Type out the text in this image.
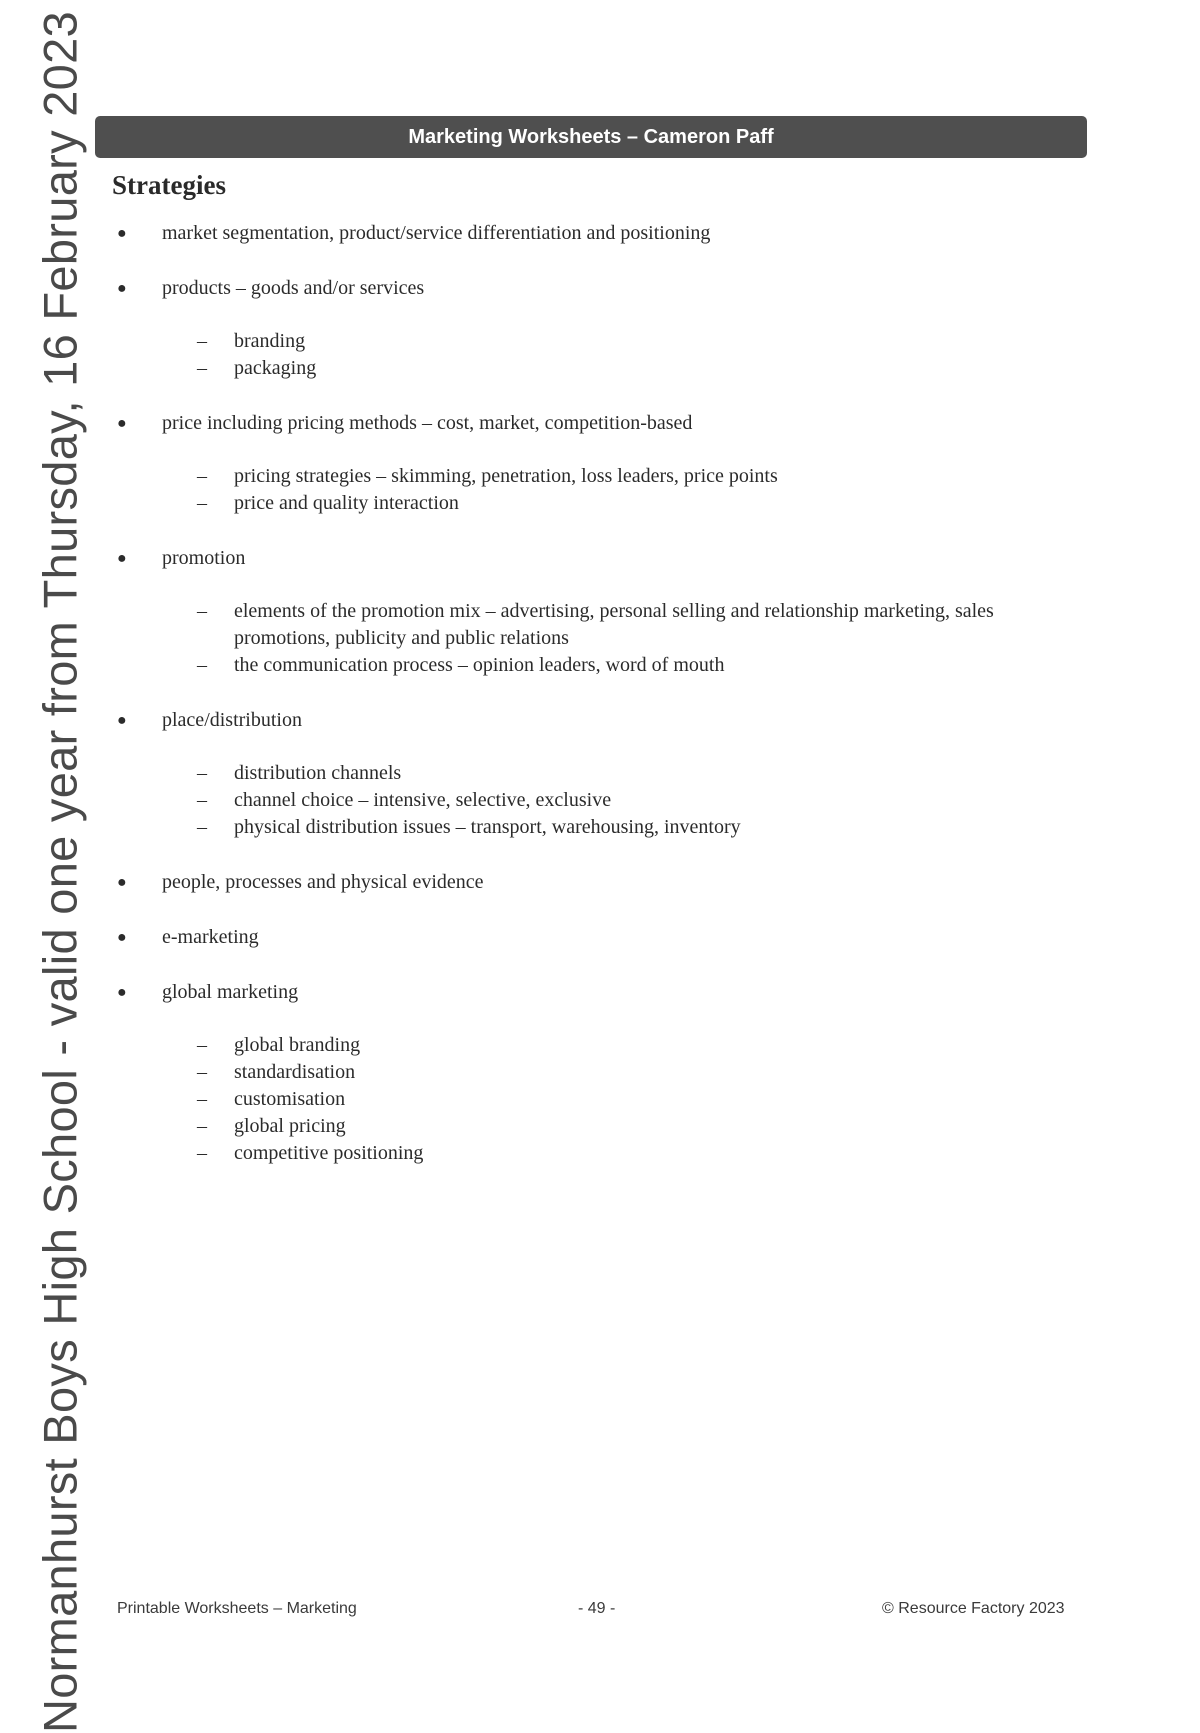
Normanhurst Boys High School - valid one year from Thursday, 16 February 2023	Marketing Worksheets – Cameron Paff
Strategies
● market segmentation, product/service differentiation and positioning
● products – goods and/or services
– branding
– packaging
● price including pricing methods – cost, market, competition-based
– pricing strategies – skimming, penetration, loss leaders, price points
– price and quality interaction
● promotion
– elements of the promotion mix – advertising, personal selling and relationship marketing, sales promotions, publicity and public relations
– the communication process – opinion leaders, word of mouth
● place/distribution
– distribution channels
– channel choice – intensive, selective, exclusive
– physical distribution issues – transport, warehousing, inventory
● people, processes and physical evidence
● e-marketing
● global marketing
– global branding
– standardisation
– customisation
– global pricing
– competitive positioning
Printable Worksheets – Marketing	- 49 -	© Resource Factory 2023
